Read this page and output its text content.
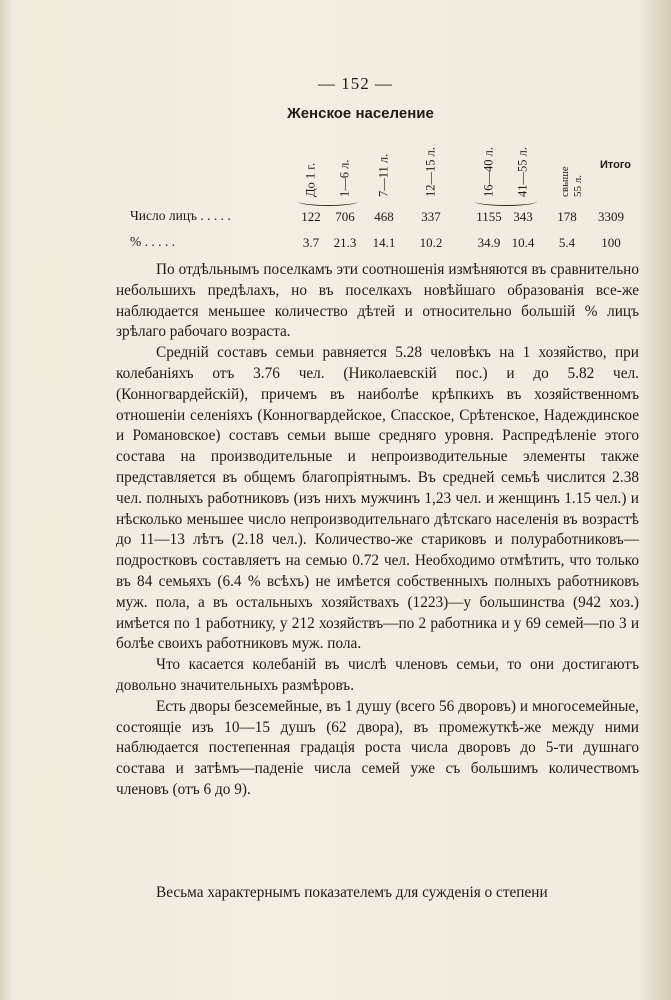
— 152 —
Женское население
До 1 г. 1—6 л. 7—11 л.	12—15 л.	16—40 л. 41—55 л.	свыше 55 л.
Итого
Число лицъ . . . . .	122	706	468	337	1155 343	178	3309
% . . . . .	3.7	21.3	14.1	10.2	34.9 10.4	5.4	100

По отдѣльнымъ поселкамъ эти соотношенія измѣняются въ сравнительно небольшихъ предѣлахъ, но въ поселкахъ новѣйшаго образованія все-же наблюдается меньшее количество дѣтей и относительно большій % лицъ зрѣлаго рабочаго возраста.

Средній составъ семьи равняется 5.28 человѣкъ на 1 хозяйство, при колебаніяхъ отъ 3.76 чел. (Николаевскій пос.) и до 5.82 чел. (Конногвардейскій), причемъ въ наиболѣе крѣпкихъ въ хозяйственномъ отношеніи селеніяхъ (Конногвардейское, Спасское, Срѣтенское, Надеждинское и Романовское) составъ семьи выше средняго уровня. Распредѣленіе этого состава на производительные и непроизводительные элементы также представляется въ общемъ благопріятнымъ. Въ средней семьѣ числится 2.38 чел. полныхъ работниковъ (изъ нихъ мужчинъ 1,23 чел. и женщинъ 1.15 чел.) и нѣсколько меньшее число непроизводительнаго дѣтскаго населенія въ возрастѣ до 11—13 лѣтъ (2.18 чел.). Количество-же стариковъ и полуработниковъ—подростковъ составляетъ на семью 0.72 чел. Необходимо отмѣтить, что только въ 84 семьяхъ (6.4 % всѣхъ) не имѣется собственныхъ полныхъ работниковъ муж. пола, а въ остальныхъ хозяйствахъ (1223)—у большинства (942 хоз.) имѣется по 1 работнику, у 212 хозяйствъ—по 2 работника и у 69 семей—по 3 и болѣе своихъ работниковъ муж. пола.

Что касается колебаній въ числѣ членовъ семьи, то они достигаютъ довольно значительныхъ размѣровъ.

Есть дворы безсемейные, въ 1 душу (всего 56 дворовъ) и многосемейные, состоящіе изъ 10—15 душъ (62 двора), въ промежуткѣ-же между ними наблюдается постепенная градація роста числа дворовъ до 5-ти душнаго состава и затѣмъ—паденіе числа семей уже съ большимъ количествомъ членовъ (отъ 6 до 9).

Весьма характернымъ показателемъ для сужденія о степени
